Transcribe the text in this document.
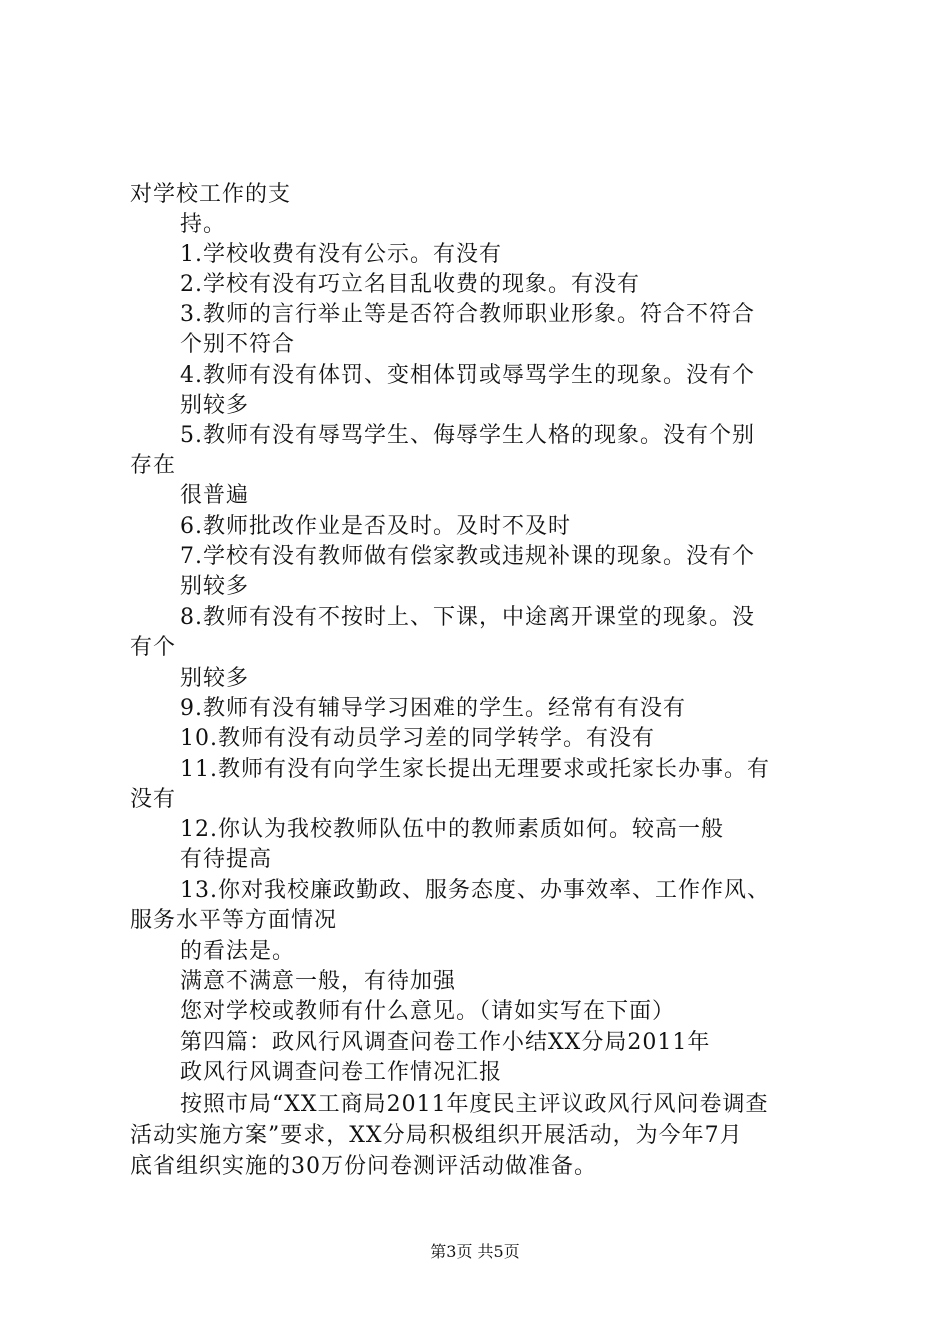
对学校工作的支
持。
1.学校收费有没有公示。有没有
2.学校有没有巧立名目乱收费的现象。有没有
3.教师的言行举止等是否符合教师职业形象。符合不符合
个别不符合
4.教师有没有体罚、变相体罚或辱骂学生的现象。没有个
别较多
5.教师有没有辱骂学生、侮辱学生人格的现象。没有个别
存在
很普遍
6.教师批改作业是否及时。及时不及时
7.学校有没有教师做有偿家教或违规补课的现象。没有个
别较多
8.教师有没有不按时上、下课，中途离开课堂的现象。没
有个
别较多
9.教师有没有辅导学习困难的学生。经常有有没有
10.教师有没有动员学习差的同学转学。有没有
11.教师有没有向学生家长提出无理要求或托家长办事。有
没有
12.你认为我校教师队伍中的教师素质如何。较高一般
有待提高
13.你对我校廉政勤政、服务态度、办事效率、工作作风、
服务水平等方面情况
的看法是。
满意不满意一般，有待加强
您对学校或教师有什么意见。（请如实写在下面）
第四篇：政风行风调查问卷工作小结XX分局2011年
政风行风调查问卷工作情况汇报
按照市局“XX工商局2011年度民主评议政风行风问卷调查
活动实施方案”要求，XX分局积极组织开展活动，为今年7月
底省组织实施的30万份问卷测评活动做准备。
第3页 共5页
